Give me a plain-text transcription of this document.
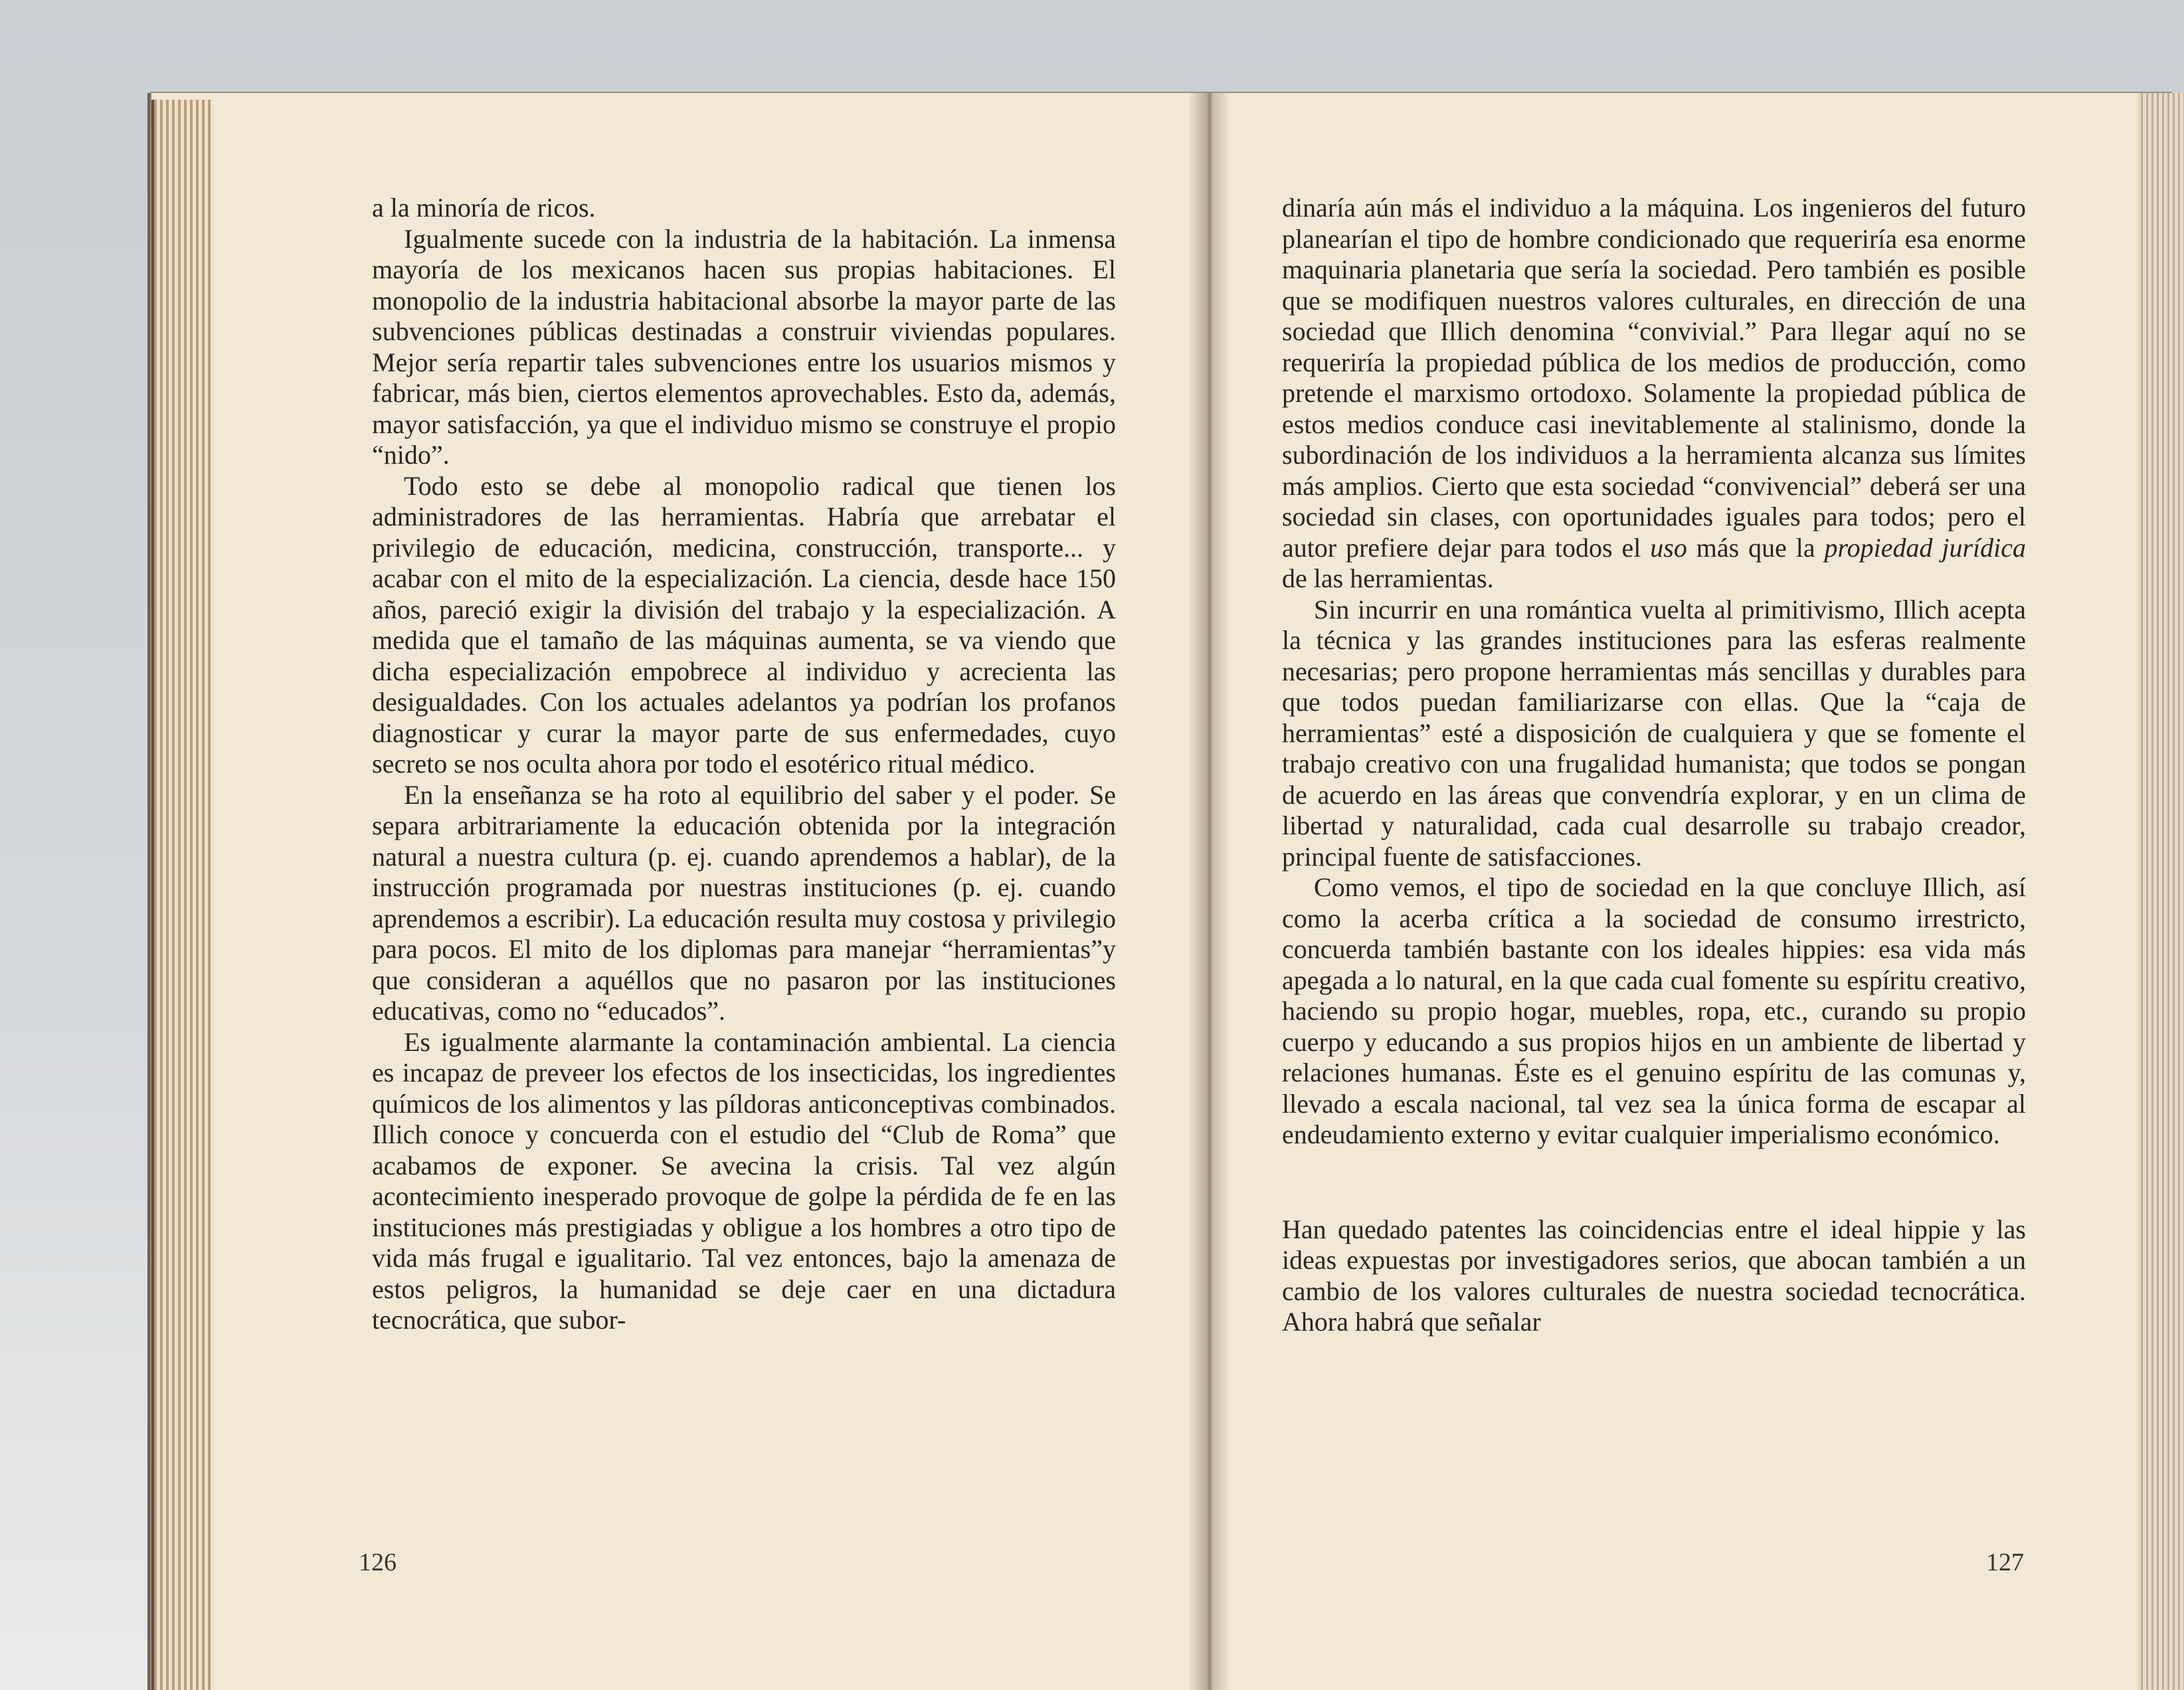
a la minoría de ricos.

Igualmente sucede con la industria de la habitación. La inmensa mayoría de los mexicanos hacen sus propias habitaciones. El monopolio de la industria habitacional absorbe la mayor parte de las subvenciones públicas destinadas a construir viviendas populares. Mejor sería repartir tales subvenciones entre los usuarios mismos y fabricar, más bien, ciertos elementos aprovechables. Esto da, además, mayor satisfacción, ya que el individuo mismo se construye el propio “nido”.

Todo esto se debe al monopolio radical que tienen los administradores de las herramientas. Habría que arrebatar el privilegio de educación, medicina, construcción, transporte... y acabar con el mito de la especialización. La ciencia, desde hace 150 años, pareció exigir la división del trabajo y la especialización. A medida que el tamaño de las máquinas aumenta, se va viendo que dicha especialización empobrece al individuo y acrecienta las desigualdades. Con los actuales adelantos ya podrían los profanos diagnosticar y curar la mayor parte de sus enfermedades, cuyo secreto se nos oculta ahora por todo el esotérico ritual médico.

En la enseñanza se ha roto al equilibrio del saber y el poder. Se separa arbitrariamente la educación obtenida por la integración natural a nuestra cultura (p. ej. cuando aprendemos a hablar), de la instrucción programada por nuestras instituciones (p. ej. cuando aprendemos a escribir). La educación resulta muy costosa y privilegio para pocos. El mito de los diplomas para manejar “herramientas”y que consideran a aquéllos que no pasaron por las instituciones educativas, como no “educados”.

Es igualmente alarmante la contaminación ambiental. La ciencia es incapaz de preveer los efectos de los insecticidas, los ingredientes químicos de los alimentos y las píldoras anticonceptivas combinados. Illich conoce y concuerda con el estudio del “Club de Roma” que acabamos de exponer. Se avecina la crisis. Tal vez algún acontecimiento inesperado provoque de golpe la pérdida de fe en las instituciones más prestigiadas y obligue a los hombres a otro tipo de vida más frugal e igualitario. Tal vez entonces, bajo la amenaza de estos peligros, la humanidad se deje caer en una dictadura tecnocrática, que subor-

126

dinaría aún más el individuo a la máquina. Los ingenieros del futuro planearían el tipo de hombre condicionado que requeriría esa enorme maquinaria planetaria que sería la sociedad. Pero también es posible que se modifiquen nuestros valores culturales, en dirección de una sociedad que Illich denomina “convivial.” Para llegar aquí no se requeriría la propiedad pública de los medios de producción, como pretende el marxismo ortodoxo. Solamente la propiedad pública de estos medios conduce casi inevitablemente al stalinismo, donde la subordinación de los individuos a la herramienta alcanza sus límites más amplios. Cierto que esta sociedad “convivencial” deberá ser una sociedad sin clases, con oportunidades iguales para todos; pero el autor prefiere dejar para todos el uso más que la propiedad jurídica de las herramientas.

Sin incurrir en una romántica vuelta al primitivismo, Illich acepta la técnica y las grandes instituciones para las esferas realmente necesarias; pero propone herramientas más sencillas y durables para que todos puedan familiarizarse con ellas. Que la “caja de herramientas” esté a disposición de cualquiera y que se fomente el trabajo creativo con una frugalidad humanista; que todos se pongan de acuerdo en las áreas que convendría explorar, y en un clima de libertad y naturalidad, cada cual desarrolle su trabajo creador, principal fuente de satisfacciones.

Como vemos, el tipo de sociedad en la que concluye Illich, así como la acerba crítica a la sociedad de consumo irrestricto, concuerda también bastante con los ideales hippies: esa vida más apegada a lo natural, en la que cada cual fomente su espíritu creativo, haciendo su propio hogar, muebles, ropa, etc., curando su propio cuerpo y educando a sus propios hijos en un ambiente de libertad y relaciones humanas. Éste es el genuino espíritu de las comunas y, llevado a escala nacional, tal vez sea la única forma de escapar al endeudamiento externo y evitar cualquier imperialismo económico.

Han quedado patentes las coincidencias entre el ideal hippie y las ideas expuestas por investigadores serios, que abocan también a un cambio de los valores culturales de nuestra sociedad tecnocrática. Ahora habrá que señalar

127
